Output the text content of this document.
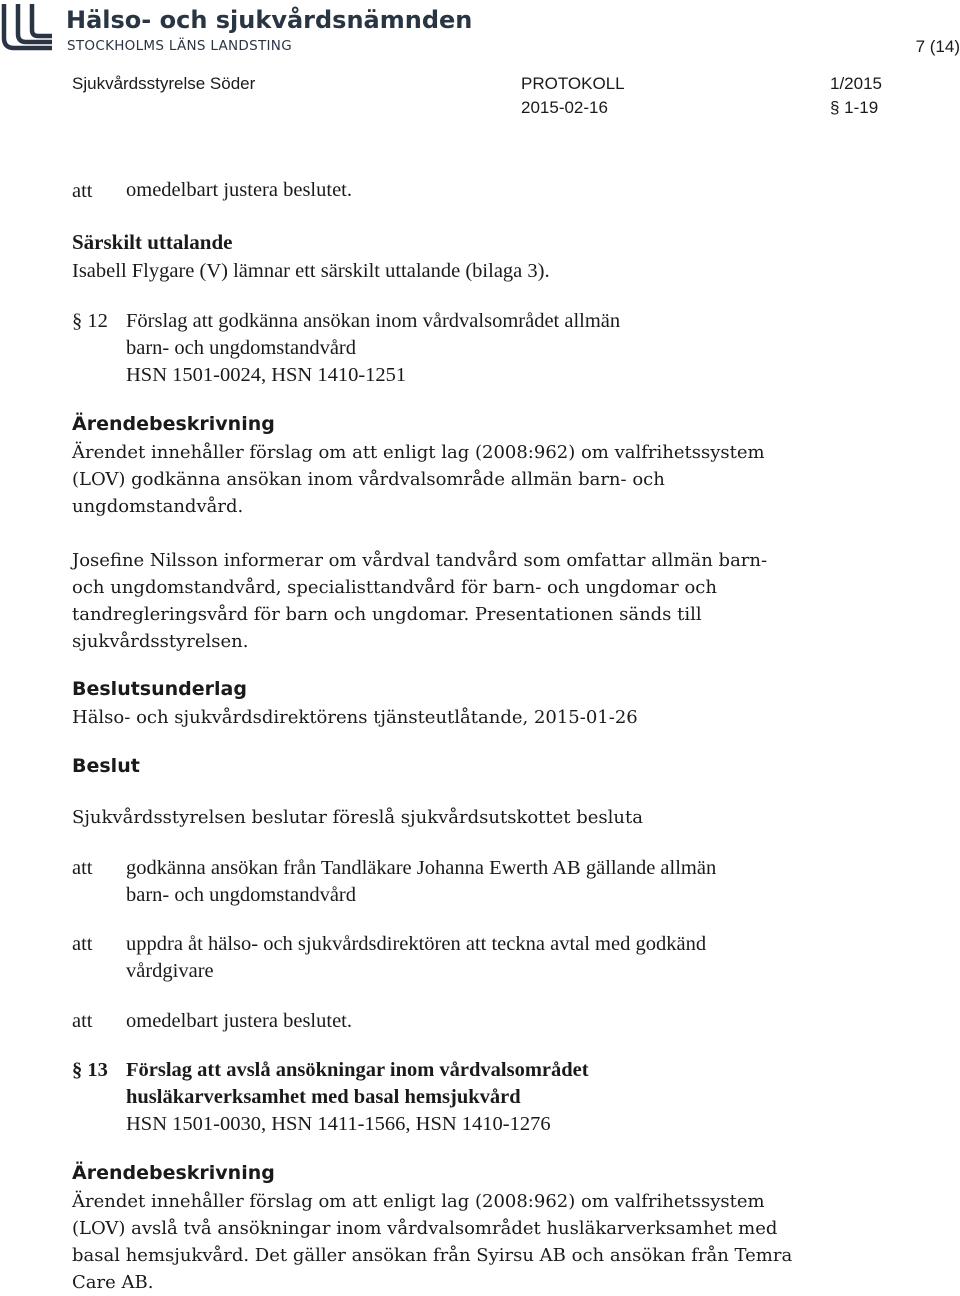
Hälso- och sjukvårdsnämnden
STOCKHOLMS LÄNS LANDSTING	7 (14)
Sjukvårdsstyrelse Söder	PROTOKOLL
2015-02-16
1/2015
§ 1-19
att omedelbart justera beslutet.
Särskilt uttalande
Isabell Flygare (V) lämnar ett särskilt uttalande (bilaga 3).
§ 12 Förslag att godkänna ansökan inom vårdvalsområdet allmän
barn- och ungdomstandvård
HSN 1501-0024, HSN 1410-1251
Ärendebeskrivning
Ärendet innehåller förslag om att enligt lag (2008:962) om valfrihetssystem
(LOV) godkänna ansökan inom vårdvalsområde allmän barn- och
ungdomstandvård.
Josefine Nilsson informerar om vårdval tandvård som omfattar allmän barn-
och ungdomstandvård, specialisttandvård för barn- och ungdomar och
tandregleringsvård för barn och ungdomar. Presentationen sänds till
sjukvårdsstyrelsen.
Beslutsunderlag
Hälso- och sjukvårdsdirektörens tjänsteutlåtande, 2015-01-26
Beslut
Sjukvårdsstyrelsen beslutar föreslå sjukvårdsutskottet besluta
att godkänna ansökan från Tandläkare Johanna Ewerth AB gällande allmän
barn- och ungdomstandvård
att uppdra åt hälso- och sjukvårdsdirektören att teckna avtal med godkänd
vårdgivare
att omedelbart justera beslutet.
§ 13 Förslag att avslå ansökningar inom vårdvalsområdet
husläkarverksamhet med basal hemsjukvård
HSN 1501-0030, HSN 1411-1566, HSN 1410-1276
Ärendebeskrivning
Ärendet innehåller förslag om att enligt lag (2008:962) om valfrihetssystem
(LOV) avslå två ansökningar inom vårdvalsområdet husläkarverksamhet med
basal hemsjukvård. Det gäller ansökan från Syirsu AB och ansökan från Temra
Care AB.
